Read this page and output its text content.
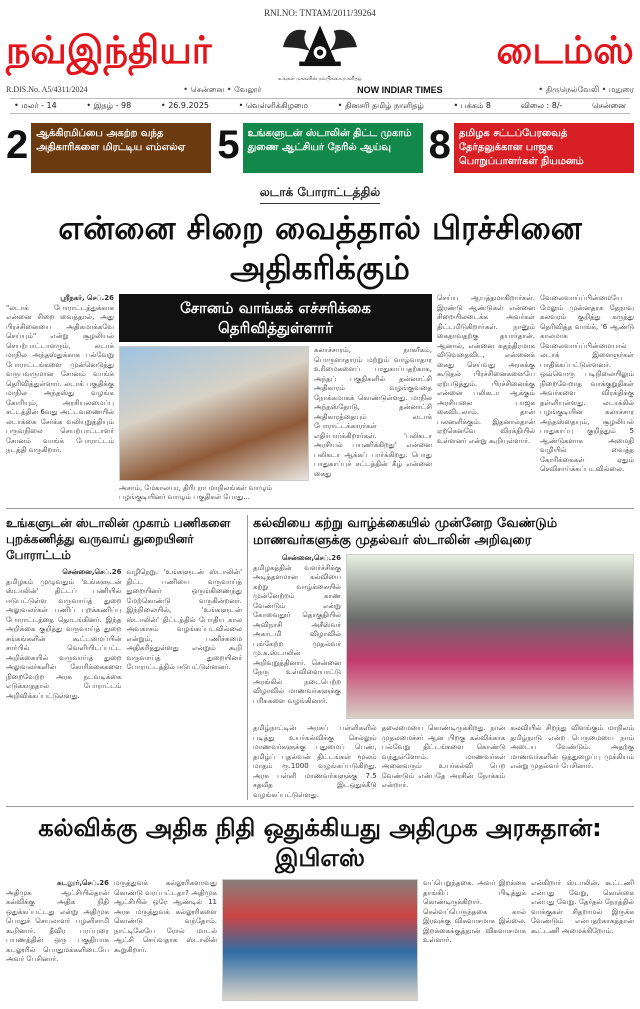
RNI.NO: TNTAM/2011/39264
நவ்இந்தியர்
உங்கள் மக்களின் நம்பிக்கை நாளிதழ்
டைம்ஸ்
R.DIS.No. A5/4311/2024	• சென்னை • வேலூர்	NOW INDIAR TIMES	• திருநெல்வேலி • மதுரை
• மலர் - 14	• இதழ் - 98	• 26.9.2025	• வெள்ளிக்கிழமை	• தினசரி தமிழ் நாளிதழ்	• பக்கம் 8	விலை : 8/-	சென்னை
2 ஆக்கிரமிப்பை அகற்ற வந்த அதிகாரிகளை மிரட்டிய எம்எல்ஏ 5 உங்களுடன் ஸ்டாலின் திட்ட முகாம் துணை ஆட்சியர் நேரில் ஆய்வு 8 தமிழக சட்டப்பேரவைத் தேர்தலுக்கான பாஜக பொறுப்பாளர்கள் நியமனம்
லடாக் போராட்டத்தில்
என்னை சிறை வைத்தால் பிரச்சினை அதிகரிக்கும்
ஸ்ரீநகர், செப்.26
"லடாக் போராட்டத்துக்காக என்னை சிறை வைத்தால், அது பிரச்சினையை அதிகமாக்கவே செய்யும்" என்று சூழலியல் செயற்பாட்டாளரும், லடாக் மாநில அந்தஸ்துக்காக பல்வேறு போராட்டங்களை முன்னெடுத்து வருபவருமான சோனம் வாங்க் தெரிவித்துள்ளார். லடாக் பகுதிக்கு மாநில அந்தஸ்து வழங்க கோரியும், அரசியலமைப்பு சட்டத்தின் 6வது அட்டவணையில் லடாக்கை சேர்க்க வலியுறுத்தியும் பருவநிலை செயற்பாட்டாளர் சோனம் வாங்க் போராட்டம் நடத்தி வருகிறார்.
சோனம் வாங்கக் எச்சரிக்கை தெரிவித்துள்ளார்
அசாம், மேகாலயா, திரிபுரா மாநிலங்கள் வாழும் பழங்குடியினர் வாழும் பகுதிகள் போது...
கலாச்சாரம், நாகரீகம், பொருளாதாரம் மற்றும் வாழ்வாதார உரிமைகளைப் பாதுகாப்பதற்காக, அந்தப் பகுதிகளில் தன்னாட்சி அதிகாரம் வழங்குவதை நோக்கமாகக் கொண்டுள்ளது. மாநில அந்தஸ்தோடு, தன்னாட்சி அதிகாரத்தையும் லடாக் போராட்டக்காரர்கள் எதிர்பார்க்கிறார்கள். 'பலிகடா அரசியல் பயணிக்கிறது' என்னை பலிகடா ஆக்கப் பார்க்கிறது. பொது பாதுகாப்புச் சட்டத்தின் கீழ் என்னை கைது
செய்ய ஆயத்தமாகிறார்கள். இரண்டு ஆண்டுகள் என்னை சிறையிலடைக்க அவர்கள் திட்டமிடுகிறார்கள். நானும் கைதாவதற்கு தயார்தான். ஆனால், என்னை சுதந்திரமாக விடுவதைவிட, என்னைக் கைது செய்வது அரசுக்கு கூடுதல் பிரச்சினைகளையே ஏற்படுத்தும். பிரச்சினைக்கு என்னை பலிகடா ஆக்கும் அரசியலை பாஜக கைவிடலாம். தான் பலனளிக்கும். இதனால்தான் ஏற்கெனவே விரக்தியில் உள்ளனர் என்று கூறியுள்ளார்.
வேலைவாய்ப்பின்மையே மேலும் முன்னதாக தேநாவு கலவரம் குறித்து கருத்து தெரிவித்த வாங்க், '6 ஆண்டு காலமாக வேலைவாய்ப்பின்மையால் லடாக் இளைஞர்கள் பாதிக்கப்பட்டுள்ளனர். ஒவ்வொரு படிநிலையிலும் நிறைவேறாத வாக்குறுதிகள் அவர்களை விரக்திக்கு தள்ளியுள்ளது. லடாக்கில் பழங்குடியின கலாச்சார அந்தஸ்தையும், சூழலியல் பாதுகாப்பு குறித்தும் 5 ஆண்டுகளாக அமைதி வழியில் வைத்த கோரிக்கைகள் ஏதும் செவிசாய்க்கப்படவில்லை.
உங்களுடன் ஸ்டாலின் முகாம் பணிகளை
புறக்கணித்து வருவாய் துறையினர் போராட்டம்
சென்னை,செப்.26
தமிழகம் முழுவதும் 'உங்களுடன் ஸ்டாலின்' திட்டப் பணியில் ஈடுபட்டுள்ள வருவாய்த் துறை அலுவலர்கள் பணிப் புறக்கணிப்பு போராட்டத்தை தொடங்கினர். இந்த அறிக்கை குறித்து வருவாய்த் துறை சங்கங்களின் கூட்டமைப்பின் சார்பில் வெளியிடப்பட்ட அறிக்கையில் வருவாய்த் துறை அலுவலர்களின் கோரிக்கைகளை நிறைவேற்ற அரசு நடவடிக்கை எடுக்காததால் போராட்டம் அறிவிக்கப்பட்டுள்ளது.
வழிநெறு. 'உங்களுடன் ஸ்டாலின்' திட்ட பணியை வருவாய்த் துறையினர் ஒருங்கிணைந்து மேற்கொண்டு வருகின்றனர். இந்நிலையில், 'உங்களுடன் ஸ்டாலின்' திட்டத்தில் போதிய கால அவகாசம் வழங்கப்படவில்லை என்றும், பணிச்சுமை அதிகரித்துள்ளது என்றும் கூறி வருவாய்த் துறையினர் போராட்டத்தில் ஈடுபட்டுள்ளனர்.
கல்வியை கற்று வாழ்க்கையில் முன்னேற வேண்டும்
மாணவர்களுக்கு முதல்வர் ஸ்டாலின் அறிவுரை
சென்னை,செப்.26
தமிழகத்தின் வளர்ச்சிக்கு அடித்தளமான கல்வியை கற்று வாழ்க்கையில் முன்னேற்றம் காண வேண்டும் என்று கோவைதூர் தொகுதியில் அவிநாசி அசீஸ்வர் அகாடமி விழாவில் பங்கேற்ற முதல்வர் மு.க.ஸ்டாலின் அறிவுறுத்தினார். சென்னை நேரு உள்விளையாட்டு அரங்கில் நடைபெற்ற விழாவில் மாணவர்களுக்கு பரிசுகளை வழங்கினார்.
தமிழ்நாட்டின் அரசுப் பள்ளிகளில் படித்து உயர்கல்விக்கு செல்லும் மாணவர்களுக்கு புதுமைப் பெண், தமிழ்ப் புதல்வன் திட்டங்கள் மூலம் மாதம் ரூ.1000 வழங்கப்படுகிறது. அரசு பள்ளி மாணவர்களுக்கு 7.5 சதவீத இடஒதுக்கீடு வழங்கப்பட்டுள்ளது.
தலைமையை கொண்டிருக்கிறது. நான் முதலமைச்சர் ஆன பிறகு கல்விக்காக பல்வேறு திட்டங்களை கொண்டு வந்துள்ளோம். மாணவர்கள் அனைவரும் உயர்கல்வி பெற வேண்டும் என்பதே அரசின் நோக்கம் என்றார்.
கலவியில் சிறந்து விளங்கும் மாநிலம் தமிழ்நாடு என்ற பெருமையை நாம் அடைய வேண்டும். அதற்கு மாணவர்களின் ஒத்துழைப்பு முக்கியம் என்று முதல்வர் பேசினார்.
கல்விக்கு அதிக நிதி ஒதுக்கியது அதிமுக அரசுதான்: இபிஎஸ்
கடலூர்,செப்.26
அதிமுக ஆட்சியில்தான் கல்விக்கு அதிக நிதி ஒதுக்கப்பட்டது என்று அதிமுக பொதுச் செயலாளர் பழனிசாமி கூறினார். தீவிர பரப்புரை பயணத்தின் ஒரு பகுதியாக கடலூரில் பொதுமக்களிடையே அவர் பேசினார்.
மருத்துவக் கல்லூரிகளாவது கொண்டு வரப்பட்டதா? அதிமுக ஆட்சியில் ஒரே ஆண்டில் 11 அரசு மருத்துவக் கல்லூரிகளை கொண்டு வந்தோம். நாட்டிலேயே ரோல் மாடல் ஆட்சி செய்வதாக ஸ்டாலின் கூறுகிறார்.
வப்பெறுந்தகை. அவர் இறக்கை தாங்கிப் பிடித்துக் கொண்டிருக்கிறார். செல்வப்பெருந்தகை கால் இரவுக்கு விசுவாசமாக இல்லை. இறக்கைக்குத்தான் விசுவாசமாக உள்ளார்.
என்கிறார் ஸ்டாலின். கூட்டணி என்பது வேறு, கொள்கை என்பது வேறு. தேர்தல் நேரத்தில் வாக்குகள் சிதறாமல் இருக்க வேண்டும் என்பதற்காகத்தான் கூட்டணி அமைக்கிறோம்.
